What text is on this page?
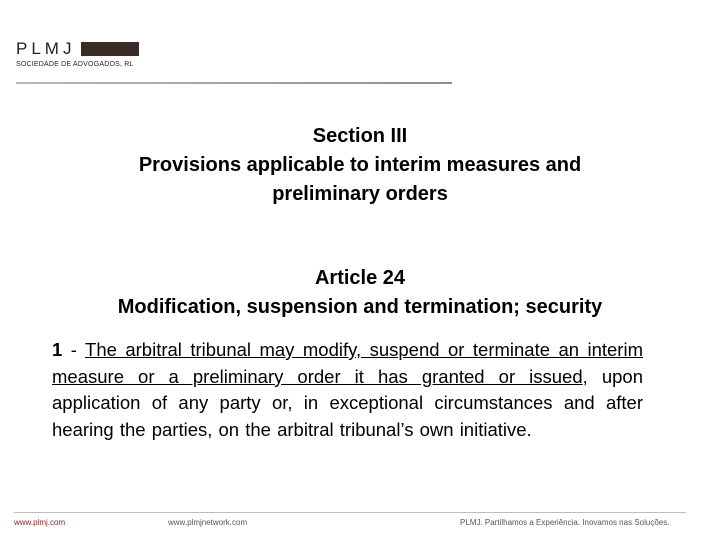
PLMJ
SOCIEDADE DE ADVOGADOS, RL
Section III
Provisions applicable to interim measures and
preliminary orders
Article 24
Modification, suspension and termination; security
1 - The arbitral tribunal may modify, suspend or terminate an interim measure or a preliminary order it has granted or issued, upon application of any party or, in exceptional circumstances and after hearing the parties, on the arbitral tribunal’s own initiative.
www.plmj.com	www.plmjnetwork.com	PLMJ. Partilhamos a Experiência. Inovamos nas Soluções.
